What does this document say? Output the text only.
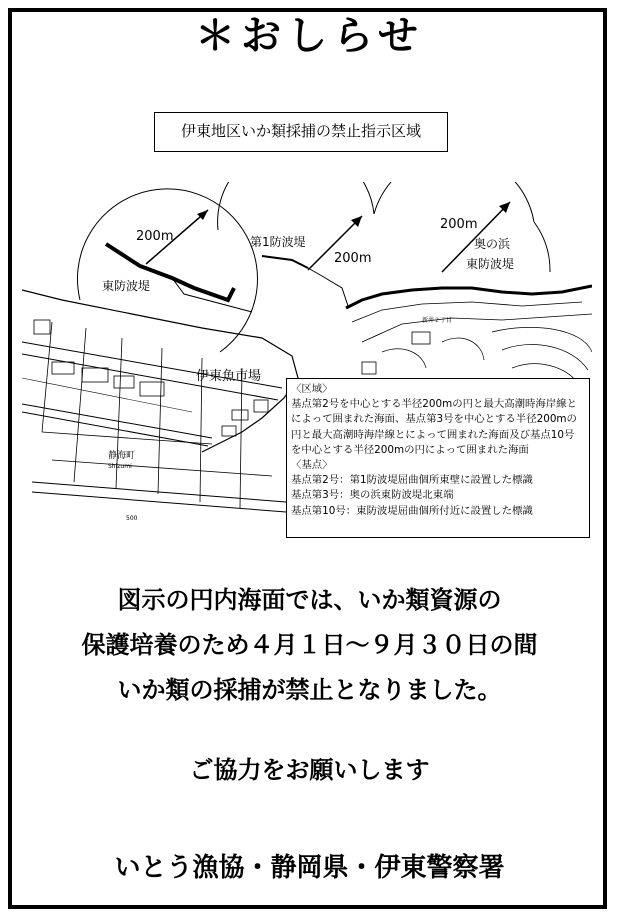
＊おしらせ
伊東地区いか類採捕の禁止指示区域
200m
200m
200m
東防波堤
第1防波堤	奥の浜
東防波堤
伊東魚市場
静海町
Shizumi
500
新井２丁目
〈区域〉
基点第2号を中心とする半径200mの円と最大高潮時海岸線と
によって囲まれた海面、基点第3号を中心とする半径200mの
円と最大高潮時海岸線とによって囲まれた海面及び基点10号
を中心とする半径200mの円によって囲まれた海面
〈基点〉
基点第2号：第1防波堤屈曲個所東壁に設置した標識
基点第3号：奥の浜東防波堤北東端
基点第10号：東防波堤屈曲個所付近に設置した標識
図示の円内海面では、いか類資源の
保護培養のため４月１日～９月３０日の間
いか類の採捕が禁止となりました。
ご協力をお願いします
いとう漁協・静岡県・伊東警察署
